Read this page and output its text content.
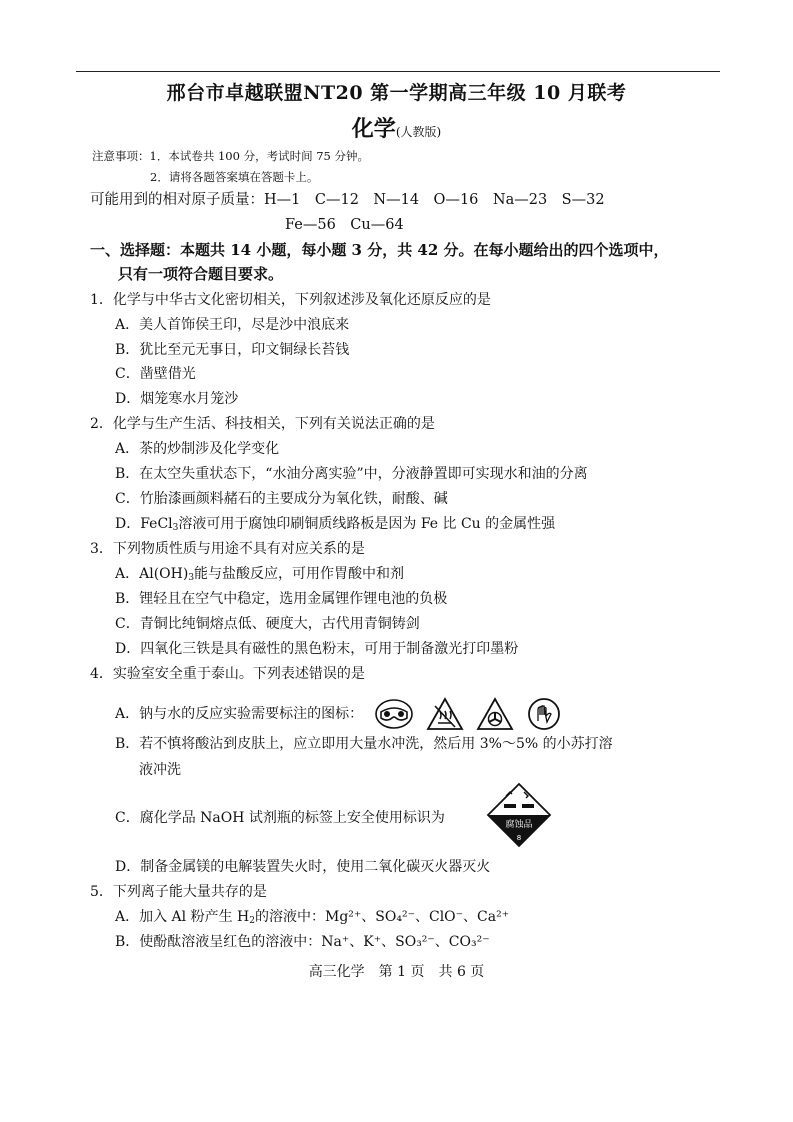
邢台市卓越联盟NT20 第一学期高三年级 10 月联考
化学(人教版)
注意事项：1．本试卷共 100 分，考试时间 75 分钟。
2．请将各题答案填在答题卡上。
可能用到的相对原子质量：H—1　C—12　N—14　O—16　Na—23　S—32
Fe—56　Cu—64
一、选择题：本题共 14 小题，每小题 3 分，共 42 分。在每小题给出的四个选项中，
只有一项符合题目要求。
1．化学与中华古文化密切相关，下列叙述涉及氧化还原反应的是
A．美人首饰侯王印，尽是沙中浪底来
B．犹比至元无事日，印文铜绿长苔钱
C．凿壁借光
D．烟笼寒水月笼沙
2．化学与生产生活、科技相关，下列有关说法正确的是
A．茶的炒制涉及化学变化
B．在太空失重状态下，“水油分离实验”中，分液静置即可实现水和油的分离
C．竹胎漆画颜料赭石的主要成分为氧化铁，耐酸、碱
D．FeCl$_3$溶液可用于腐蚀印刷铜质线路板是因为 Fe 比 Cu 的金属性强
3．下列物质性质与用途不具有对应关系的是
A．$Al(OH)_3$能与盐酸反应，可用作胃酸中和剂
B．锂轻且在空气中稳定，选用金属锂作锂电池的负极
C．青铜比纯铜熔点低、硬度大，古代用青铜铸剑
D．四氧化三铁是具有磁性的黑色粉末，可用于制备激光打印墨粉
4．实验室安全重于泰山。下列表述错误的是
A．钠与水的反应实验需要标注的图标：
B．若不慎将酸沾到皮肤上，应立即用大量水冲洗，然后用 3%～5% 的小苏打溶
液冲洗
C．腐化学品 NaOH 试剂瓶的标签上安全使用标识为	腐蚀品
8
D．制备金属镁的电解装置失火时，使用二氧化碳灭火器灭火
5．下列离子能大量共存的是
A．加入 Al 粉产生 $H_2$的溶液中：Mg²⁺、SO₄²⁻、ClO⁻、Ca²⁺
B．使酚酞溶液呈红色的溶液中：Na⁺、K⁺、SO₃²⁻、CO₃²⁻
高三化学　第 1 页　共 6 页
